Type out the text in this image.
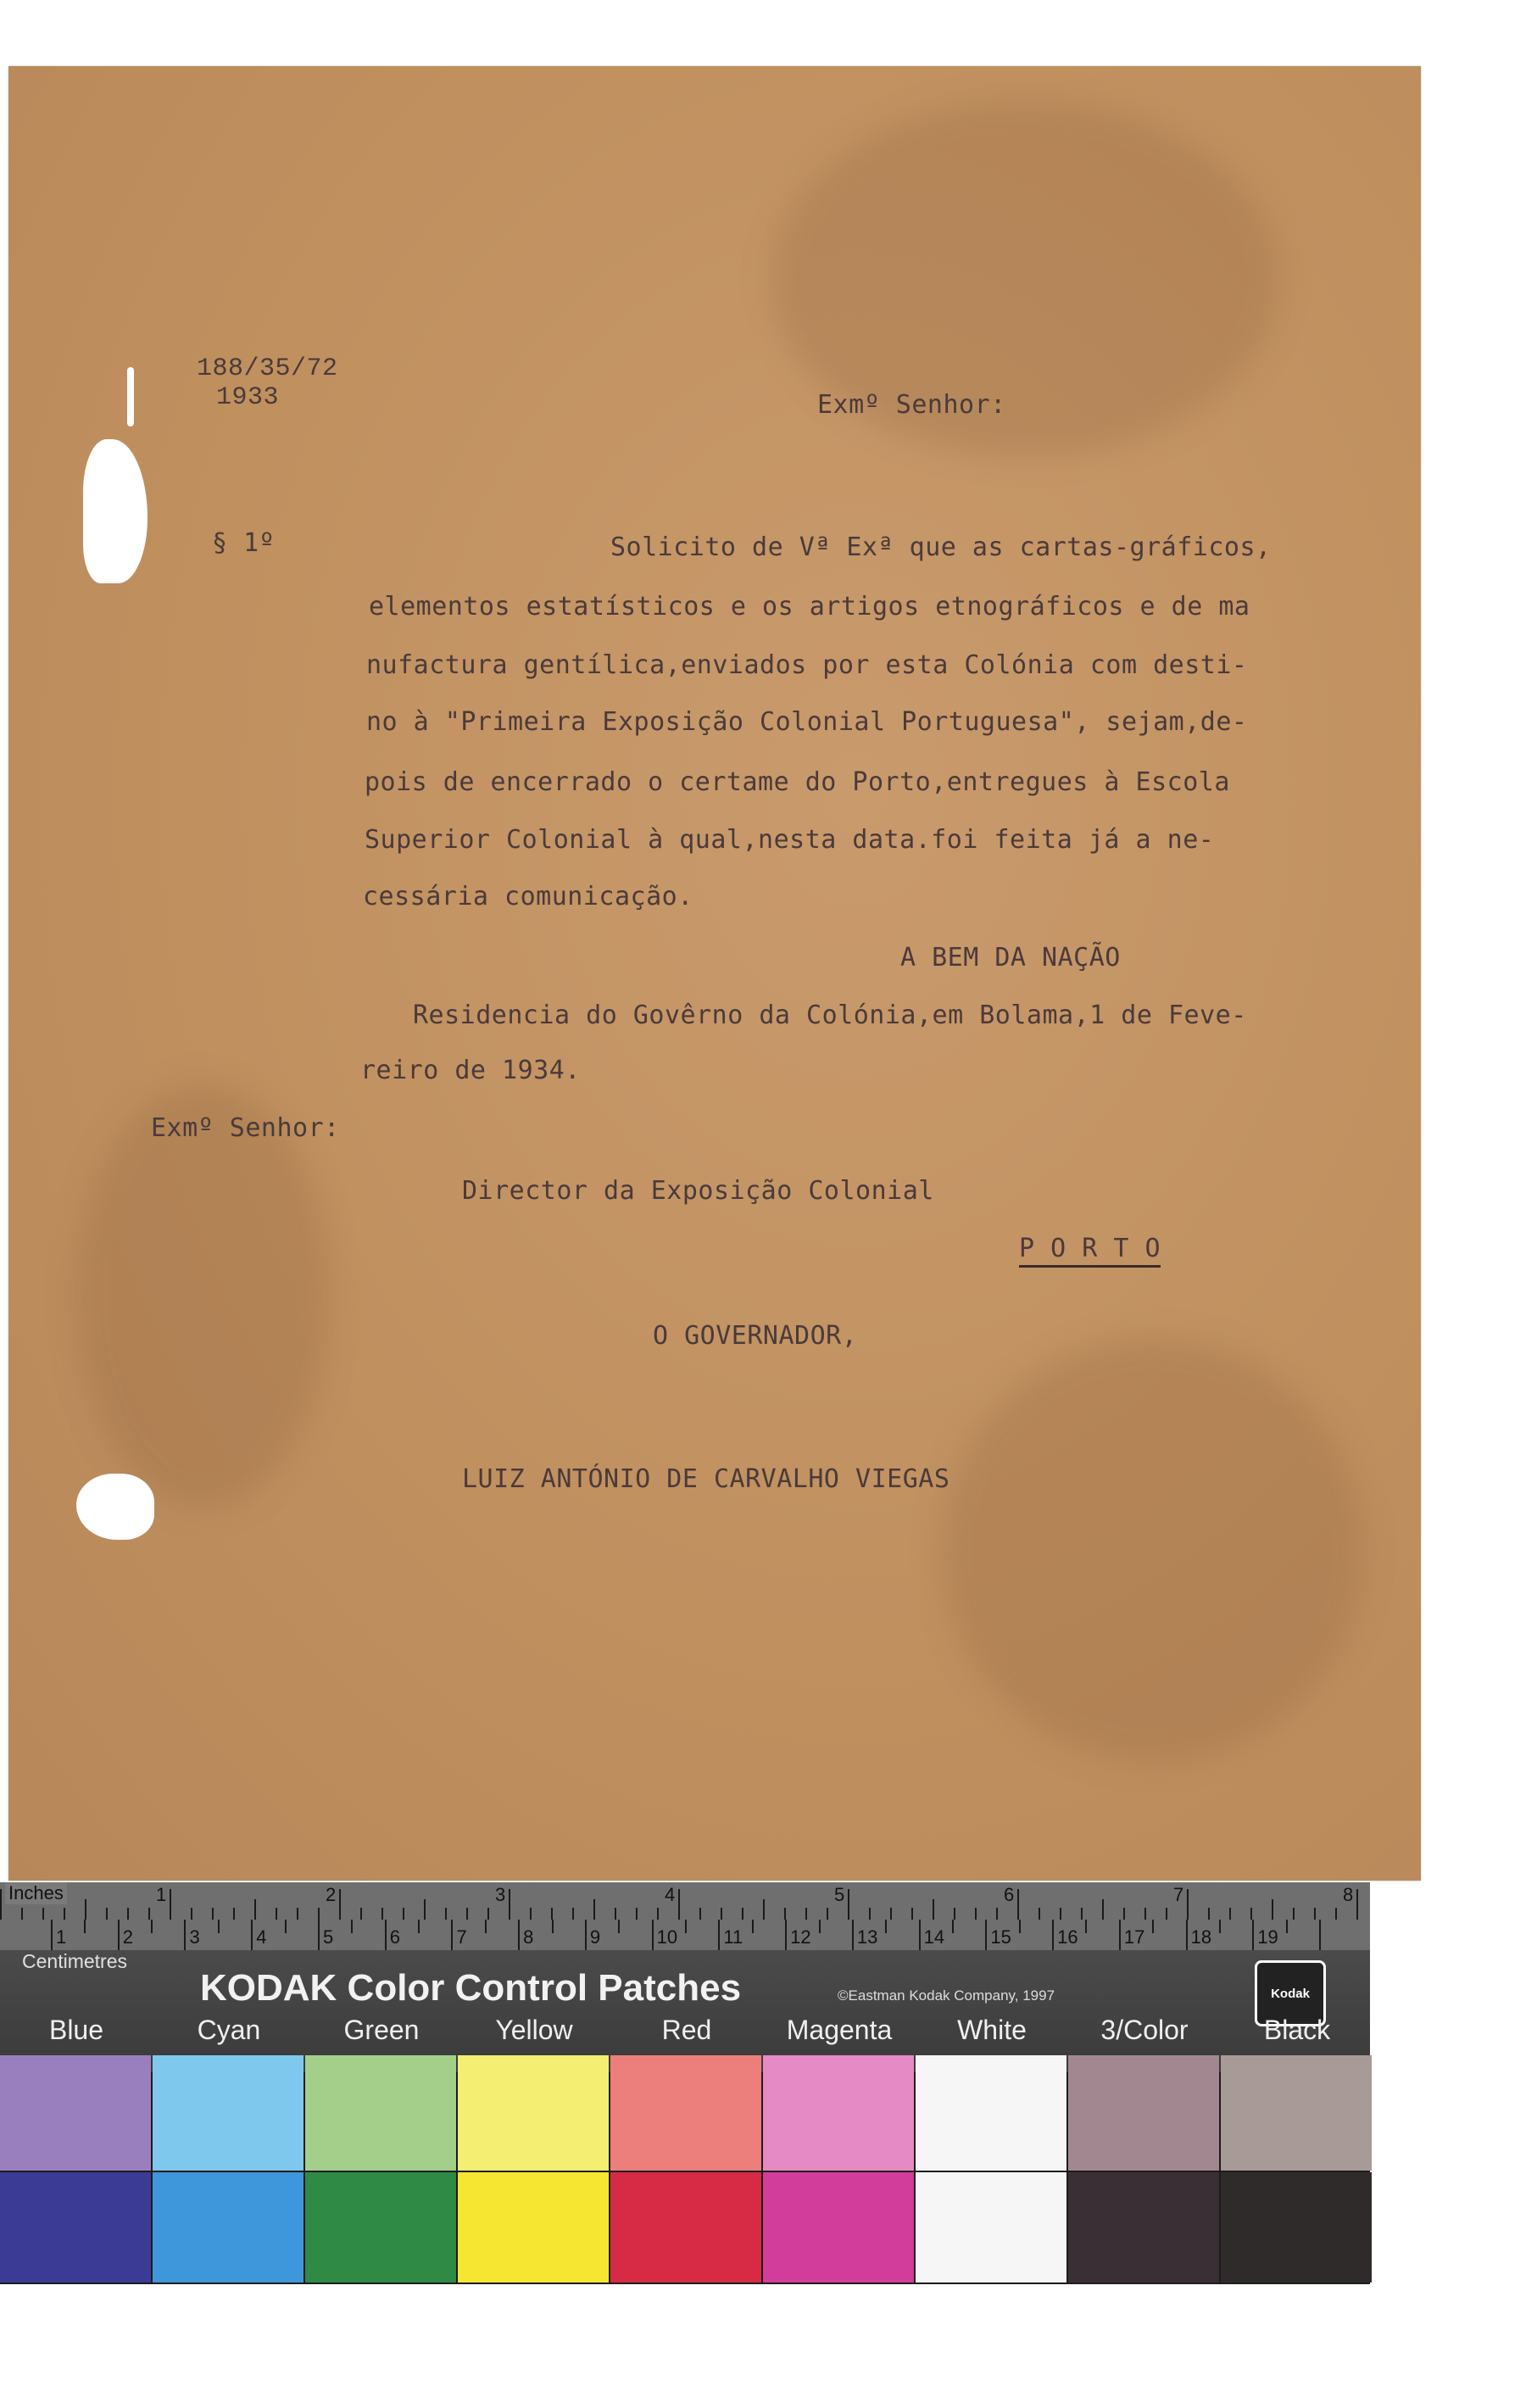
188/35/72
1933	Exmº Senhor:
§ 1º	Solicito de Vª Exª que as cartas-gráficos,
elementos estatísticos e os artigos etnográficos e de ma
nufactura gentílica,enviados por esta Colónia com desti-
no à "Primeira Exposição Colonial Portuguesa", sejam,de-
pois de encerrado o certame do Porto,entregues à Escola
Superior Colonial à qual,nesta data.foi feita já a ne-
cessária comunicação.
A BEM DA NAÇÃO
Residencia do Govêrno da Colónia,em Bolama,1 de Feve-
reiro de 1934.
Exmº Senhor:
Director da Exposição Colonial
P O R T O
O GOVERNADOR,
LUIZ ANTÓNIO DE CARVALHO VIEGAS
1	2	3	4	5	6	7	8
1	2	3	4	5	6	7	8	9	10 11	12 13 14 15 16 17 18 19
Inches
Centimetres
KODAK Color Control Patches	©Eastman Kodak Company, 1997	Kodak
Blue	Cyan	Green	Yellow	Red	Magenta	White	3/Color	Black
